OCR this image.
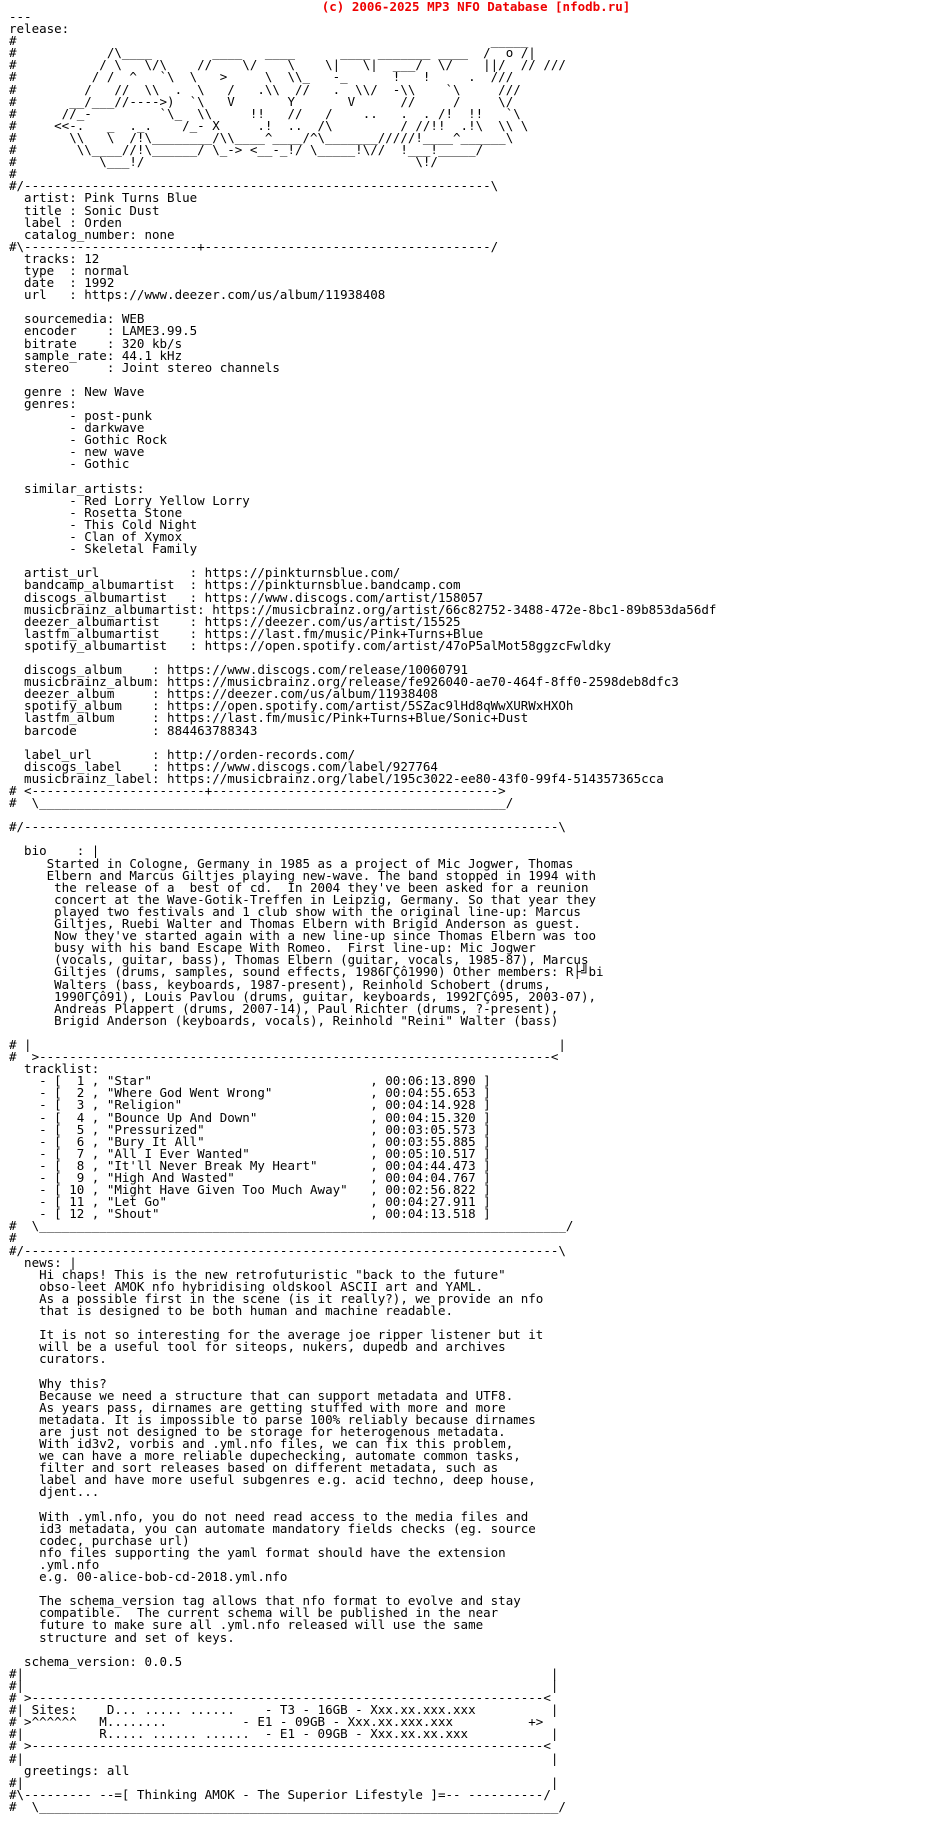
(c) 2006-2025 MP3 NFO Database [nfodb.ru]
---
release:
#                                                               _____
#            /\____        ____   ____      ____ _______ ____  /  o /|
#           / \   \/\    //    \/    \    \|   \|  ___/  \/    ||/  // ///
#          / /  ^   `\  \   >     \  \\_   -_      !   !     .  ///
#         /   //  \\  .  \   /   .\\  //   .  \\/  -\\    `\     ///
#       __/___//---->)  `\   V       Y       V      //     /     \/
#      //_-         `\_  \\     !!   //   /    ..   .  . /!  !!   `\
#     <<-.   _  ._.    /_- X     .!  ..  /\         / //!!  .!\  \\ \
#       \\   \  /!\________/\\____^____/^\_______/////!____^______\
#        \\____//!\______/ \_-> <__-_!/ \_____!\//  !___!_____/
#           \___!/                                    \!/
#
#/--------------------------------------------------------------\
artist: Pink Turns Blue
title : Sonic Dust
label : Orden
catalog_number: none
#\-----------------------+--------------------------------------/
tracks: 12
type  : normal
date  : 1992
url   : https://www.deezer.com/us/album/11938408

sourcemedia: WEB
encoder    : LAME3.99.5
bitrate    : 320 kb/s
sample_rate: 44.1 kHz
stereo     : Joint stereo channels

genre : New Wave
genres:
- post-punk
- darkwave
- Gothic Rock
- new wave
- Gothic

similar_artists:
- Red Lorry Yellow Lorry
- Rosetta Stone
- This Cold Night
- Clan of Xymox
- Skeletal Family

artist_url            : https://pinkturnsblue.com/
bandcamp_albumartist  : https://pinkturnsblue.bandcamp.com
discogs_albumartist   : https://www.discogs.com/artist/158057
musicbrainz_albumartist: https://musicbrainz.org/artist/66c82752-3488-472e-8bc1-89b853da56df
deezer_albumartist    : https://deezer.com/us/artist/15525
lastfm_albumartist    : https://last.fm/music/Pink+Turns+Blue
spotify_albumartist   : https://open.spotify.com/artist/47oP5alMot58ggzcFwldky

discogs_album    : https://www.discogs.com/release/10060791
musicbrainz_album: https://musicbrainz.org/release/fe926040-ae70-464f-8ff0-2598deb8dfc3
deezer_album     : https://deezer.com/us/album/11938408
spotify_album    : https://open.spotify.com/artist/5SZac9lHd8qWwXURWxHXOh
lastfm_album     : https://last.fm/music/Pink+Turns+Blue/Sonic+Dust
barcode          : 884463788343

label_url        : http://orden-records.com/
discogs_label    : https://www.discogs.com/label/927764
musicbrainz_label: https://musicbrainz.org/label/195c3022-ee80-43f0-99f4-514357365cca
# <-----------------------+-------------------------------------->
#  \______________________________________________________________/

#/-----------------------------------------------------------------------\

bio    : |
Started in Cologne, Germany in 1985 as a project of Mic Jogwer, Thomas
Elbern and Marcus Giltjes playing new-wave. The band stopped in 1994 with
the release of a  best of cd.  In 2004 they've been asked for a reunion
concert at the Wave-Gotik-Treffen in Leipzig, Germany. So that year they
played two festivals and 1 club show with the original line-up: Marcus
Giltjes, Ruebi Walter and Thomas Elbern with Brigid Anderson as guest.
Now they've started again with a new line-up since Thomas Elbern was too
busy with his band Escape With Romeo.  First line-up: Mic Jogwer
(vocals, guitar, bass), Thomas Elbern (guitar, vocals, 1985-87), Marcus
Giltjes (drums, samples, sound effects, 1986ΓÇô1990) Other members: R├╝bi
Walters (bass, keyboards, 1987-present), Reinhold Schobert (drums,
1990ΓÇô91), Louis Pavlou (drums, guitar, keyboards, 1992ΓÇô95, 2003-07),
Andreas Plappert (drums, 2007-14), Paul Richter (drums, ?-present),
Brigid Anderson (keyboards, vocals), Reinhold "Reini" Walter (bass)

# |                                                                      |
#  >--------------------------------------------------------------------<
tracklist:
- [  1 , "Star"                             , 00:06:13.890 ]
- [  2 , "Where God Went Wrong"             , 00:04:55.653 ]
- [  3 , "Religion"                         , 00:04:14.928 ]
- [  4 , "Bounce Up And Down"               , 00:04:15.320 ]
- [  5 , "Pressurized"                      , 00:03:05.573 ]
- [  6 , "Bury It All"                      , 00:03:55.885 ]
- [  7 , "All I Ever Wanted"                , 00:05:10.517 ]
- [  8 , "It'll Never Break My Heart"       , 00:04:44.473 ]
- [  9 , "High And Wasted"                  , 00:04:04.767 ]
- [ 10 , "Might Have Given Too Much Away"   , 00:02:56.822 ]
- [ 11 , "Let Go"                           , 00:04:27.911 ]
- [ 12 , "Shout"                            , 00:04:13.518 ]
#  \______________________________________________________________________/
#
#/-----------------------------------------------------------------------\
news: |
Hi chaps! This is the new retrofuturistic "back to the future"
obso-leet AMOK nfo hybridising oldskool ASCII art and YAML.
As a possible first in the scene (is it really?), we provide an nfo
that is designed to be both human and machine readable.

It is not so interesting for the average joe ripper listener but it
will be a useful tool for siteops, nukers, dupedb and archives
curators.

Why this?
Because we need a structure that can support metadata and UTF8.
As years pass, dirnames are getting stuffed with more and more
metadata. It is impossible to parse 100% reliably because dirnames
are just not designed to be storage for heterogenous metadata.
With id3v2, vorbis and .yml.nfo files, we can fix this problem,
we can have a more reliable dupechecking, automate common tasks,
filter and sort releases based on different metadata, such as
label and have more useful subgenres e.g. acid techno, deep house,
djent...

With .yml.nfo, you do not need read access to the media files and
id3 metadata, you can automate mandatory fields checks (eg. source
codec, purchase url)
nfo files supporting the yaml format should have the extension
.yml.nfo
e.g. 00-alice-bob-cd-2018.yml.nfo

The schema_version tag allows that nfo format to evolve and stay
compatible.  The current schema will be published in the near
future to make sure all .yml.nfo released will use the same
structure and set of keys.

schema_version: 0.0.5
#|                                                                      |
#|                                                                      |
# >--------------------------------------------------------------------<
#| Sites:    D... ..... ......    - T3 - 16GB - Xxx.xx.xxx.xxx          |
# >^^^^^^   M........          - E1 - 09GB - Xxx.xx.xxx.xxx          +>
#|          R..... ...... ......  - E1 - 09GB - Xxx.xx.xx.xxx           |
# >--------------------------------------------------------------------<
#|                                                                      |
greetings: all
#|                                                                      |
#\--------- --=[ Thinking AMOK - The Superior Lifestyle ]=-- ----------/
#  \_____________________________________________________________________/
